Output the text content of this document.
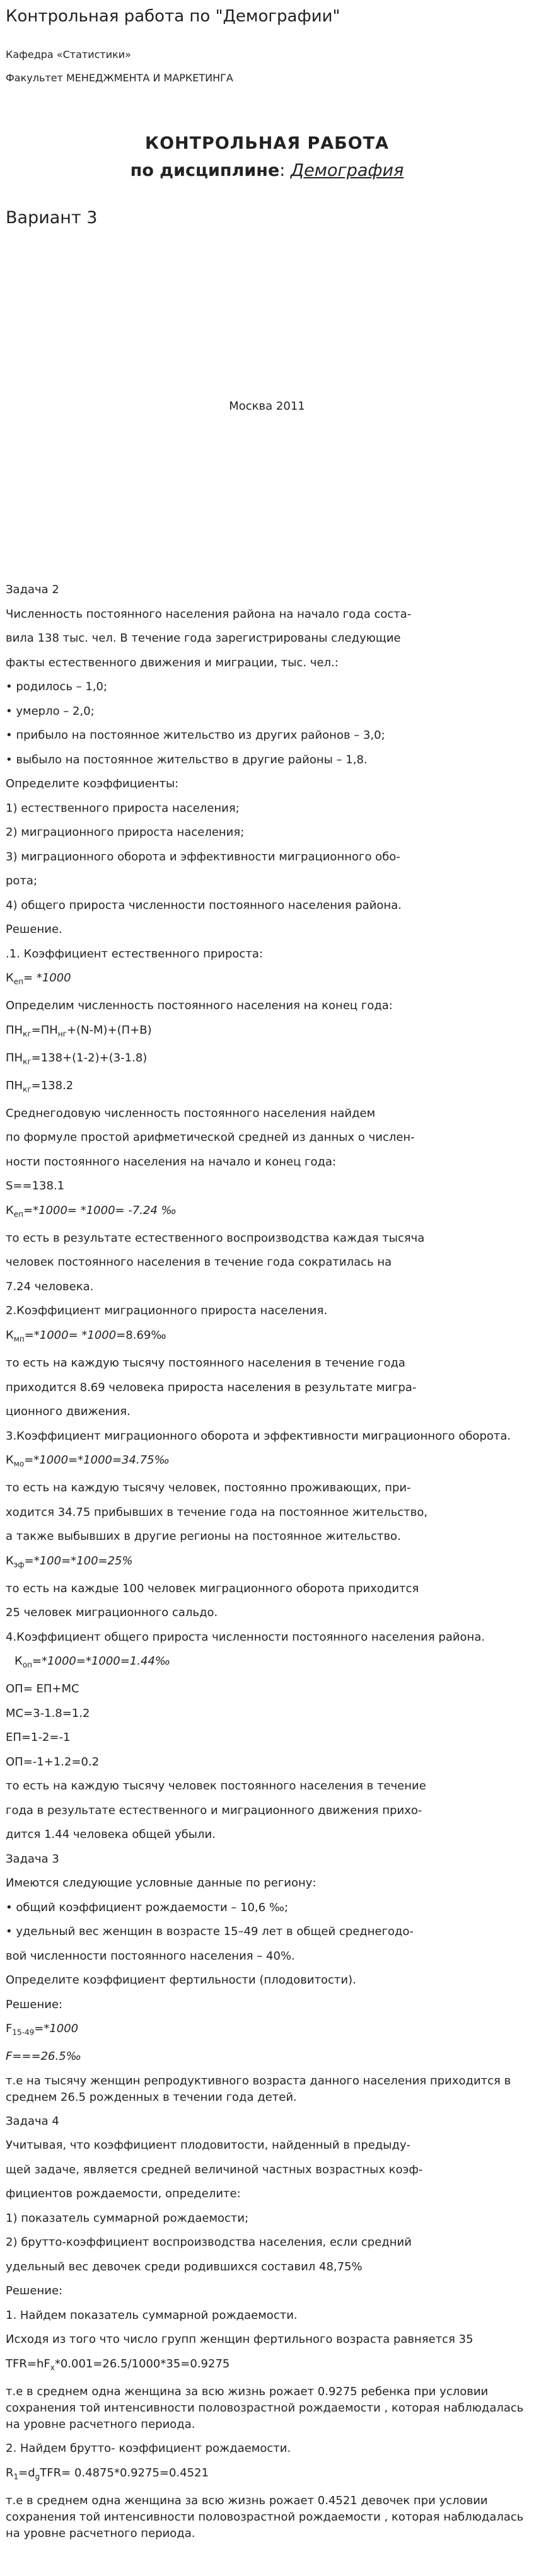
Контрольная работа по "Демографии"
Кафедра «Статистики»
Факультет МЕНЕДЖМЕНТА И МАРКЕТИНГА
КОНТРОЛЬНАЯ РАБОТА
по дисциплине: Демография
Вариант 3
Москва 2011

Задача 2

Численность постоянного населения района на начало года соста-

вила 138 тыс. чел. В течение года зарегистрированы следующие

факты естественного движения и миграции, тыс. чел.:

• родилось – 1,0;

• умерло – 2,0;

• прибыло на постоянное жительство из других районов – 3,0;

• выбыло на постоянное жительство в другие районы – 1,8.

Определите коэффициенты:

1) естественного прироста населения;

2) миграционного прироста населения;

3) миграционного оборота и эффективности миграционного обо-

рота;

4) общего прироста численности постоянного населения района.

Решение.

.1. Коэффициент естественного прироста:

$К_{еп}= *1000$

Определим численность постоянного населения на конец года:

$ПН_{кг}=ПН_{нг}+(N-M)+(П+В)$

$ПН_{кг}=138+(1-2)+(3-1.8)$

$ПН_{кг}=138.2$

Среднегодовую численность постоянного населения найдем

по формуле простой арифметической средней из данных о числен-

ности постоянного населения на начало и конец года:

S==138.1

$К_{еп}=*1000= *1000= -7.24$ ‰

то есть в результате естественного воспроизводства каждая тысяча

человек постоянного населения в течение года сократилась на

7.24 человека.

2.Коэффициент миграционного прироста населения.

$К_{мп}=*1000=$ *1000=8.69‰

то есть на каждую тысячу постоянного населения в течение года

приходится 8.69 человека прироста населения в результате мигра-

ционного движения.

3.Коэффициент миграционного оборота и эффективности миграционного оборота.

$К_{мо}=*1000=*1000=34.75‰$

то есть на каждую тысячу человек, постоянно проживающих, при-

ходится 34.75 прибывших в течение года на постоянное жительство,

а также выбывших в другие регионы на постоянное жительство.

$К_{эф}=*100=*100=25\%$

то есть на каждые 100 человек миграционного оборота приходится

25 человек миграционного сальдо.

4.Коэффициент общего прироста численности постоянного населения района.

$К_{оп}=*1000=*1000=1.44‰$

ОП= ЕП+МС

МС=3-1.8=1.2

ЕП=1-2=-1

ОП=-1+1.2=0.2

то есть на каждую тысячу человек постоянного населения в течение

года в результате естественного и миграционного движения прихо-

дится 1.44 человека общей убыли.

Задача 3

Имеются следующие условные данные по региону:

• общий коэффициент рождаемости – 10,6 ‰;

• удельный вес женщин в возрасте 15–49 лет в общей среднегодо-

вой численности постоянного населения – 40%.

Определите коэффициент фертильности (плодовитости).

Решение:

$F_{15-49}=*1000$

F===26.5‰

т.е на тысячу женщин репродуктивного возраста данного населения приходится в среднем 26.5 рожденных в течении года детей.

Задача 4

Учитывая, что коэффициент плодовитости, найденный в предыду-

щей задаче, является средней величиной частных возрастных коэф-

фициентов рождаемости, определите:

1) показатель суммарной рождаемости;

2) брутто-коэффициент воспроизводства населения, если средний

удельный вес девочек среди родившихся составил 48,75%

Решение:

1. Найдем показатель суммарной рождаемости.

Исходя из того что число групп женщин фертильного возраста равняется 35

$TFR=hF_x*0.001=26.5/1000*35=0.9275$

т.е в среднем одна женщина за всю жизнь рожает 0.9275 ребенка при условии сохранения той интенсивности половозрастной рождаемости , которая наблюдалась на уровне расчетного периода.

2. Найдем брутто- коэффициент рождаемости.

$R_1=d_gTFR= 0.4875*0.9275=0.4521$

т.е в среднем одна женщина за всю жизнь рожает 0.4521 девочек при условии сохранения той интенсивности половозрастной рождаемости , которая наблюдалась на уровне расчетного периода.
